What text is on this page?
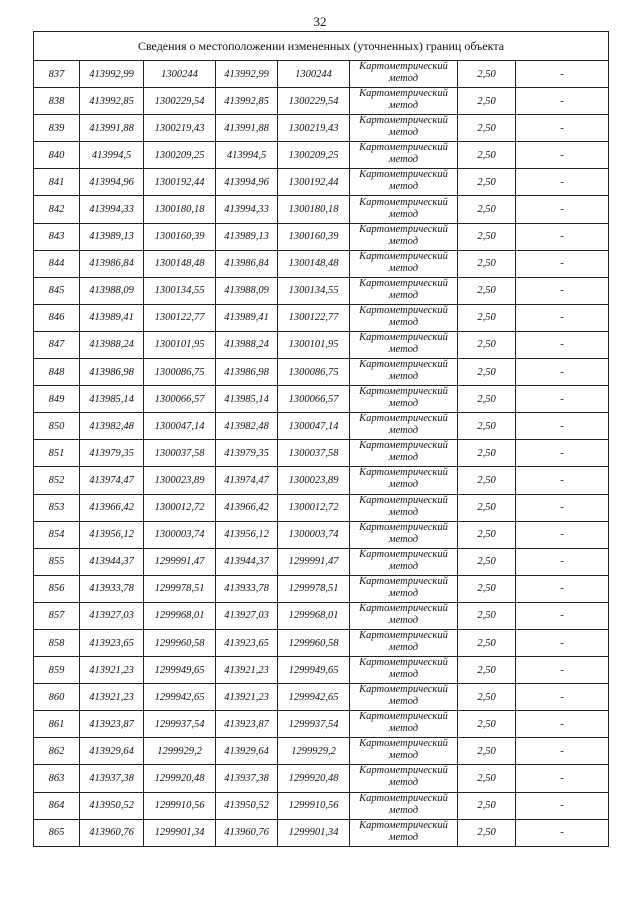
32
Сведения о местоположении измененных (уточненных) границ объекта							
837	413992,99	1300244	413992,99	1300244	Картометрический
метод	2,50	-
838	413992,85	1300229,54	413992,85	1300229,54	Картометрический
метод	2,50	-
839	413991,88	1300219,43	413991,88	1300219,43	Картометрический
метод	2,50	-
840	413994,5	1300209,25	413994,5	1300209,25	Картометрический
метод	2,50	-
841	413994,96	1300192,44	413994,96	1300192,44	Картометрический
метод	2,50	-
842	413994,33	1300180,18	413994,33	1300180,18	Картометрический
метод	2,50	-
843	413989,13	1300160,39	413989,13	1300160,39	Картометрический
метод	2,50	-
844	413986,84	1300148,48	413986,84	1300148,48	Картометрический
метод	2,50	-
845	413988,09	1300134,55	413988,09	1300134,55	Картометрический
метод	2,50	-
846	413989,41	1300122,77	413989,41	1300122,77	Картометрический
метод	2,50	-
847	413988,24	1300101,95	413988,24	1300101,95	Картометрический
метод	2,50	-
848	413986,98	1300086,75	413986,98	1300086,75	Картометрический
метод	2,50	-
849	413985,14	1300066,57	413985,14	1300066,57	Картометрический
метод	2,50	-
850	413982,48	1300047,14	413982,48	1300047,14	Картометрический
метод	2,50	-
851	413979,35	1300037,58	413979,35	1300037,58	Картометрический
метод	2,50	-
852	413974,47	1300023,89	413974,47	1300023,89	Картометрический
метод	2,50	-
853	413966,42	1300012,72	413966,42	1300012,72	Картометрический
метод	2,50	-
854	413956,12	1300003,74	413956,12	1300003,74	Картометрический
метод	2,50	-
855	413944,37	1299991,47	413944,37	1299991,47	Картометрический
метод	2,50	-
856	413933,78	1299978,51	413933,78	1299978,51	Картометрический
метод	2,50	-
857	413927,03	1299968,01	413927,03	1299968,01	Картометрический
метод	2,50	-
858	413923,65	1299960,58	413923,65	1299960,58	Картометрический
метод	2,50	-
859	413921,23	1299949,65	413921,23	1299949,65	Картометрический
метод	2,50	-
860	413921,23	1299942,65	413921,23	1299942,65	Картометрический
метод	2,50	-
861	413923,87	1299937,54	413923,87	1299937,54	Картометрический
метод	2,50	-
862	413929,64	1299929,2	413929,64	1299929,2	Картометрический
метод	2,50	-
863	413937,38	1299920,48	413937,38	1299920,48	Картометрический
метод	2,50	-
864	413950,52	1299910,56	413950,52	1299910,56	Картометрический
метод	2,50	-
865	413960,76	1299901,34	413960,76	1299901,34	Картометрический
метод	2,50	-
